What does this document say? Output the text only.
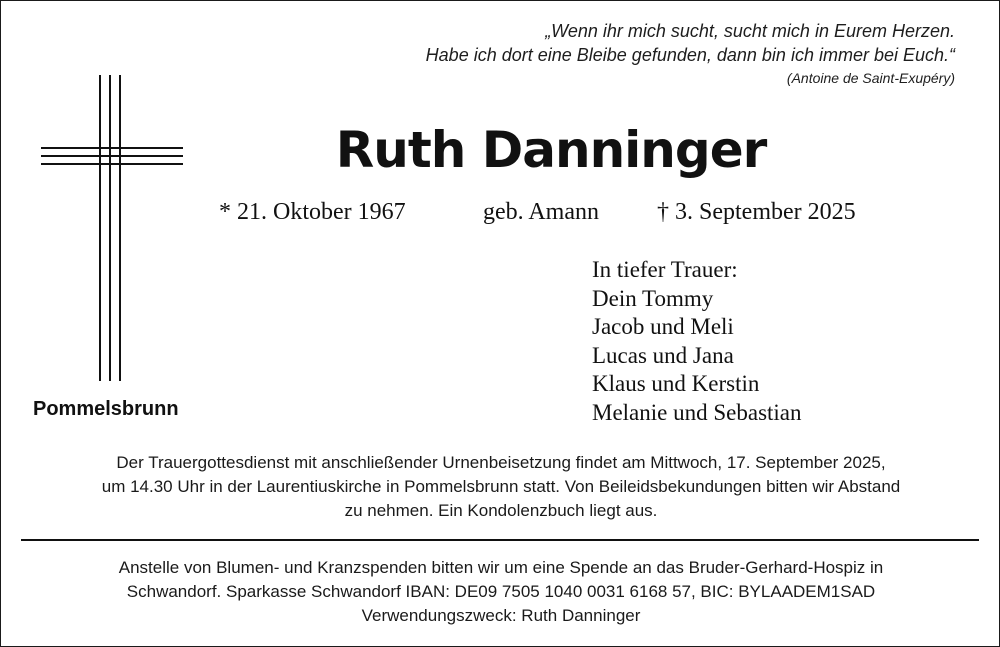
„Wenn ihr mich sucht, sucht mich in Eurem Herzen.
Habe ich dort eine Bleibe gefunden, dann bin ich immer bei Euch.“
(Antoine de Saint-Exupéry)
Pommelsbrunn
Ruth Danninger
* 21. Oktober 1967	geb. Amann † 3. September 2025
In tiefer Trauer:
Dein Tommy
Jacob und Meli
Lucas und Jana
Klaus und Kerstin
Melanie und Sebastian
Der Trauergottesdienst mit anschließender Urnenbeisetzung findet am Mittwoch, 17. September 2025,
um 14.30 Uhr in der Laurentiuskirche in Pommelsbrunn statt. Von Beileidsbekundungen bitten wir Abstand
zu nehmen. Ein Kondolenzbuch liegt aus.
Anstelle von Blumen- und Kranzspenden bitten wir um eine Spende an das Bruder-Gerhard-Hospiz in
Schwandorf. Sparkasse Schwandorf IBAN: DE09 7505 1040 0031 6168 57, BIC: BYLAADEM1SAD
Verwendungszweck: Ruth Danninger
